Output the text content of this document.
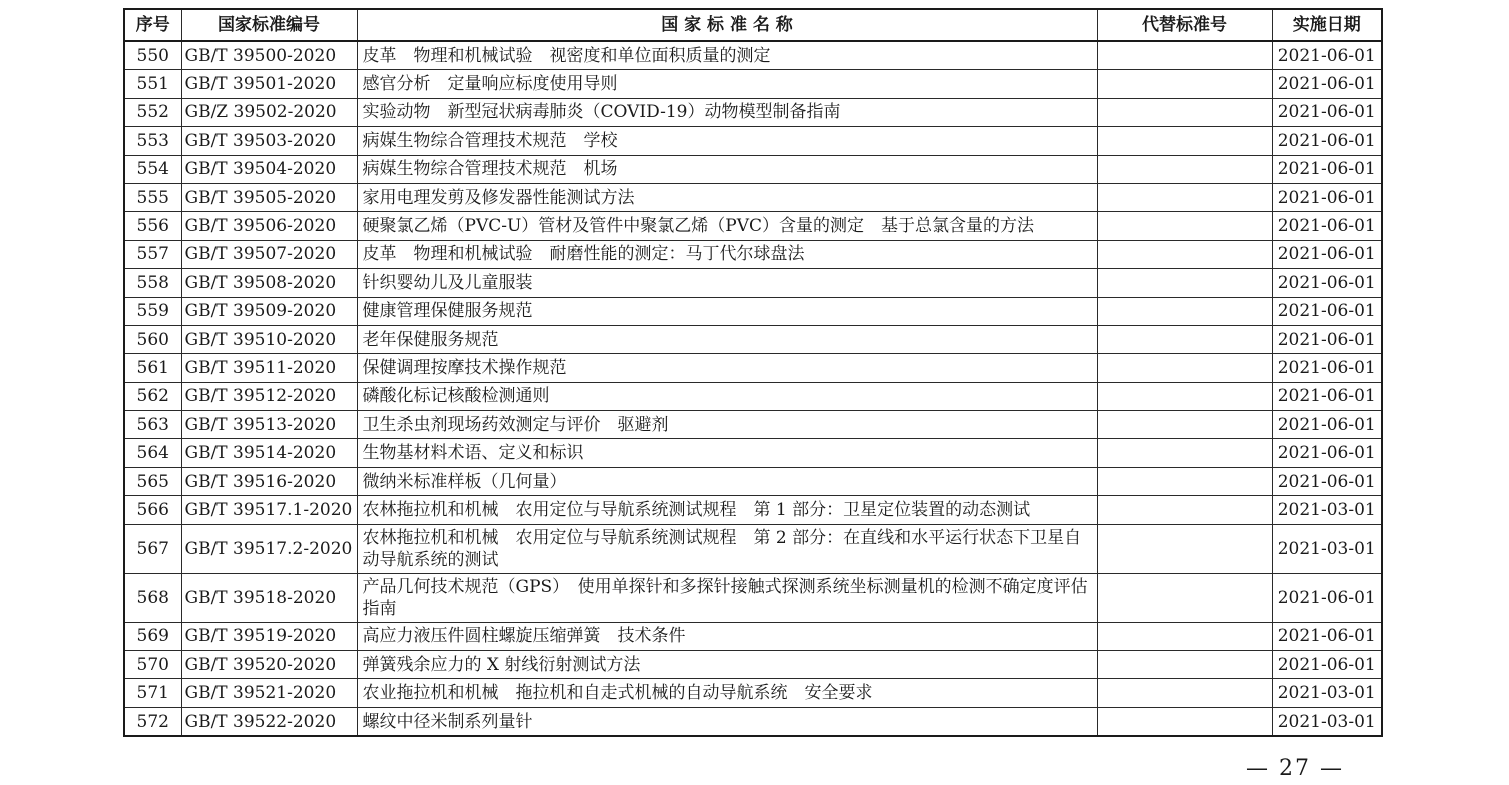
序号	国家标准编号	国 家 标 准 名 称	代替标准号	实施日期
550	GB/T 39500-2020	皮革　物理和机械试验　视密度和单位面积质量的测定		2021-06-01
551	GB/T 39501-2020	感官分析　定量响应标度使用导则		2021-06-01
552	GB/Z 39502-2020	实验动物　新型冠状病毒肺炎（COVID-19）动物模型制备指南		2021-06-01
553	GB/T 39503-2020	病媒生物综合管理技术规范　学校		2021-06-01
554	GB/T 39504-2020	病媒生物综合管理技术规范　机场		2021-06-01
555	GB/T 39505-2020	家用电理发剪及修发器性能测试方法		2021-06-01
556	GB/T 39506-2020	硬聚氯乙烯（PVC-U）管材及管件中聚氯乙烯（PVC）含量的测定　基于总氯含量的方法		2021-06-01
557	GB/T 39507-2020	皮革　物理和机械试验　耐磨性能的测定：马丁代尔球盘法		2021-06-01
558	GB/T 39508-2020	针织婴幼儿及儿童服装		2021-06-01
559	GB/T 39509-2020	健康管理保健服务规范		2021-06-01
560	GB/T 39510-2020	老年保健服务规范		2021-06-01
561	GB/T 39511-2020	保健调理按摩技术操作规范		2021-06-01
562	GB/T 39512-2020	磷酸化标记核酸检测通则		2021-06-01
563	GB/T 39513-2020	卫生杀虫剂现场药效测定与评价　驱避剂		2021-06-01
564	GB/T 39514-2020	生物基材料术语、定义和标识		2021-06-01
565	GB/T 39516-2020	微纳米标准样板（几何量）		2021-06-01
566	GB/T 39517.1-2020	农林拖拉机和机械　农用定位与导航系统测试规程　第 1 部分：卫星定位装置的动态测试		2021-03-01
567	GB/T 39517.2-2020	农林拖拉机和机械　农用定位与导航系统测试规程　第 2 部分：在直线和水平运行状态下卫星自动导航系统的测试		2021-03-01
568	GB/T 39518-2020	产品几何技术规范（GPS）　使用单探针和多探针接触式探测系统坐标测量机的检测不确定度评估指南		2021-06-01
569	GB/T 39519-2020	高应力液压件圆柱螺旋压缩弹簧　技术条件		2021-06-01
570	GB/T 39520-2020	弹簧残余应力的 X 射线衍射测试方法		2021-06-01
571	GB/T 39521-2020	农业拖拉机和机械　拖拉机和自走式机械的自动导航系统　安全要求		2021-03-01
572	GB/T 39522-2020	螺纹中径米制系列量针		2021-03-01
— 27 —
